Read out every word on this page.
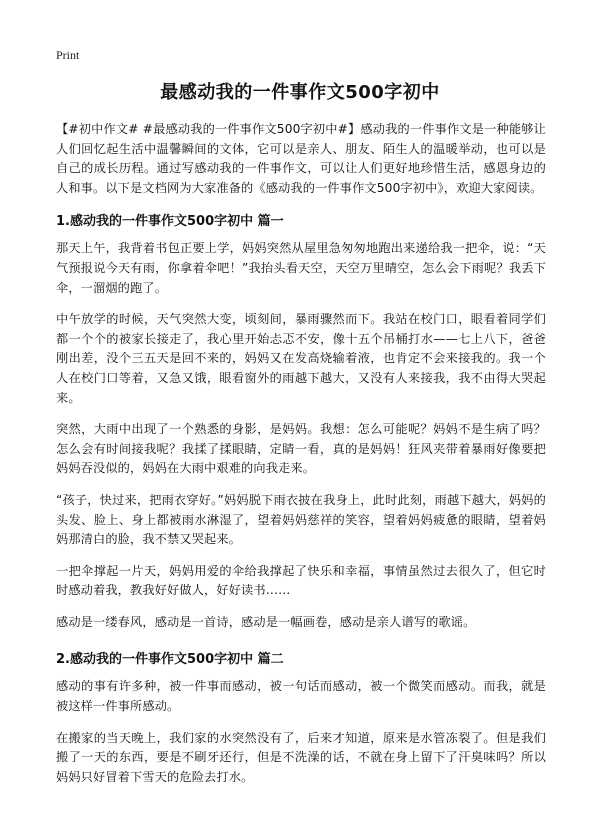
Print
最感动我的一件事作文500字初中

【#初中作文# #最感动我的一件事作文500字初中#】感动我的一件事作文是一种能够让人们回忆起生活中温馨瞬间的文体，它可以是亲人、朋友、陌生人的温暖举动，也可以是自己的成长历程。通过写感动我的一件事作文，可以让人们更好地珍惜生活，感恩身边的人和事。以下是文档网为大家准备的《感动我的一件事作文500字初中》，欢迎大家阅读。

1.感动我的一件事作文500字初中 篇一

那天上午，我背着书包正要上学，妈妈突然从屋里急匆匆地跑出来递给我一把伞，说：“天气预报说今天有雨，你拿着伞吧！”我抬头看天空，天空万里晴空，怎么会下雨呢？我丢下伞，一溜烟的跑了。

中午放学的时候，天气突然大变，顷刻间，暴雨骤然而下。我站在校门口，眼看着同学们都一个个的被家长接走了，我心里开始忐忑不安，像十五个吊桶打水——七上八下，爸爸刚出差，没个三五天是回不来的，妈妈又在发高烧输着液，也肯定不会来接我的。我一个人在校门口等着，又急又饿，眼看窗外的雨越下越大，又没有人来接我，我不由得大哭起来。

突然，大雨中出现了一个熟悉的身影，是妈妈。我想：怎么可能呢？妈妈不是生病了吗？怎么会有时间接我呢？我揉了揉眼睛，定睛一看，真的是妈妈！狂风夹带着暴雨好像要把妈妈吞没似的，妈妈在大雨中艰难的向我走来。

“孩子，快过来，把雨衣穿好。”妈妈脱下雨衣披在我身上，此时此刻，雨越下越大，妈妈的头发、脸上、身上都被雨水淋湿了，望着妈妈慈祥的笑容，望着妈妈疲惫的眼睛，望着妈妈那清白的脸，我不禁又哭起来。

一把伞撑起一片天，妈妈用爱的伞给我撑起了快乐和幸福，事情虽然过去很久了，但它时时感动着我，教我好好做人，好好读书……

感动是一缕春风，感动是一首诗，感动是一幅画卷，感动是亲人谱写的歌谣。

2.感动我的一件事作文500字初中 篇二

感动的事有许多种，被一件事而感动，被一句话而感动，被一个微笑而感动。而我，就是被这样一件事所感动。

在搬家的当天晚上，我们家的水突然没有了，后来才知道，原来是水管冻裂了。但是我们搬了一天的东西，要是不刷牙还行，但是不洗澡的话，不就在身上留下了汗臭味吗？所以妈妈只好冒着下雪天的危险去打水。
